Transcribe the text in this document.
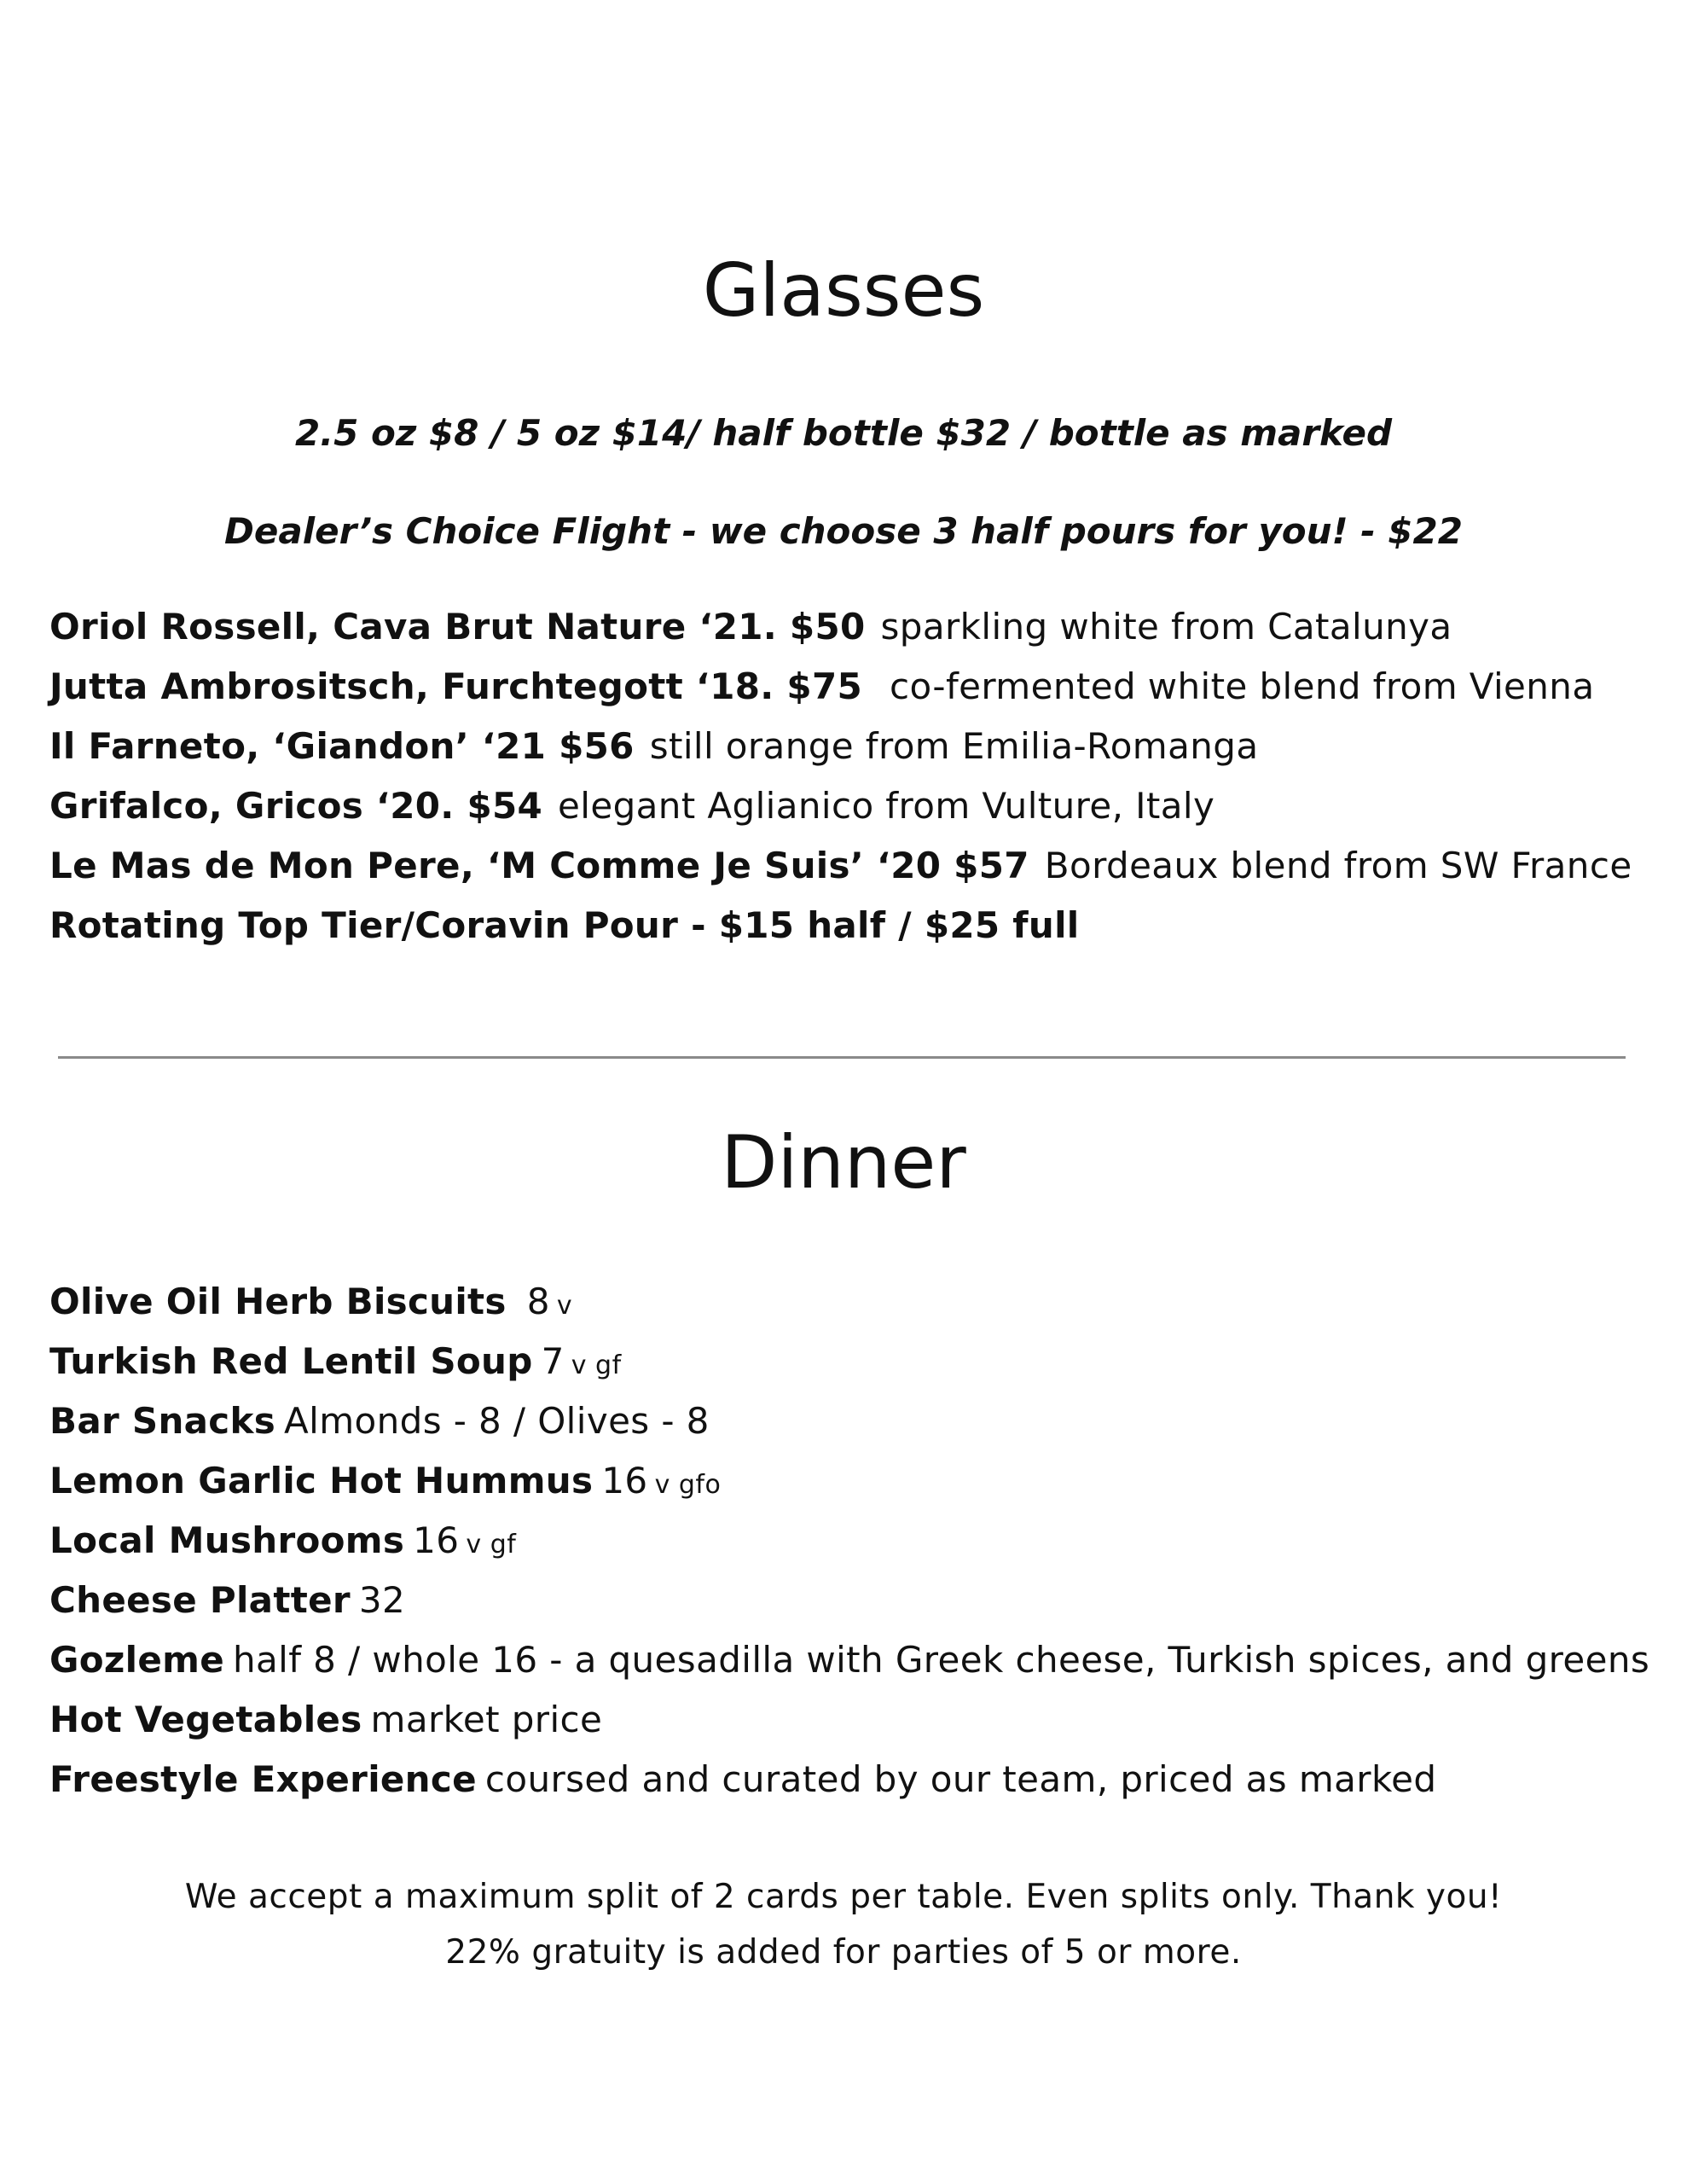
Glasses
2.5 oz $8 / 5 oz $14/ half bottle $32 / bottle as marked
Dealer’s Choice Flight - we choose 3 half pours for you! - $22
Oriol Rossell, Cava Brut Nature ‘21. $50 sparkling white from Catalunya
Jutta Ambrositsch, Furchtegott ‘18. $75 co-fermented white blend from Vienna
Il Farneto, ‘Giandon’ ‘21 $56 still orange from Emilia-Romanga
Grifalco, Gricos ‘20. $54 elegant Aglianico from Vulture, Italy
Le Mas de Mon Pere, ‘M Comme Je Suis’ ‘20 $57 Bordeaux blend from SW France
Rotating Top Tier/Coravin Pour - $15 half / $25 full
Dinner
Olive Oil Herb Biscuits 8 v
Turkish Red Lentil Soup 7 v gf
Bar Snacks Almonds - 8 / Olives - 8
Lemon Garlic Hot Hummus 16 v gfo
Local Mushrooms 16 v gf
Cheese Platter 32
Gozleme half 8 / whole 16 - a quesadilla with Greek cheese, Turkish spices, and greens
Hot Vegetables market price
Freestyle Experience coursed and curated by our team, priced as marked
We accept a maximum split of 2 cards per table. Even splits only. Thank you!
22% gratuity is added for parties of 5 or more.
